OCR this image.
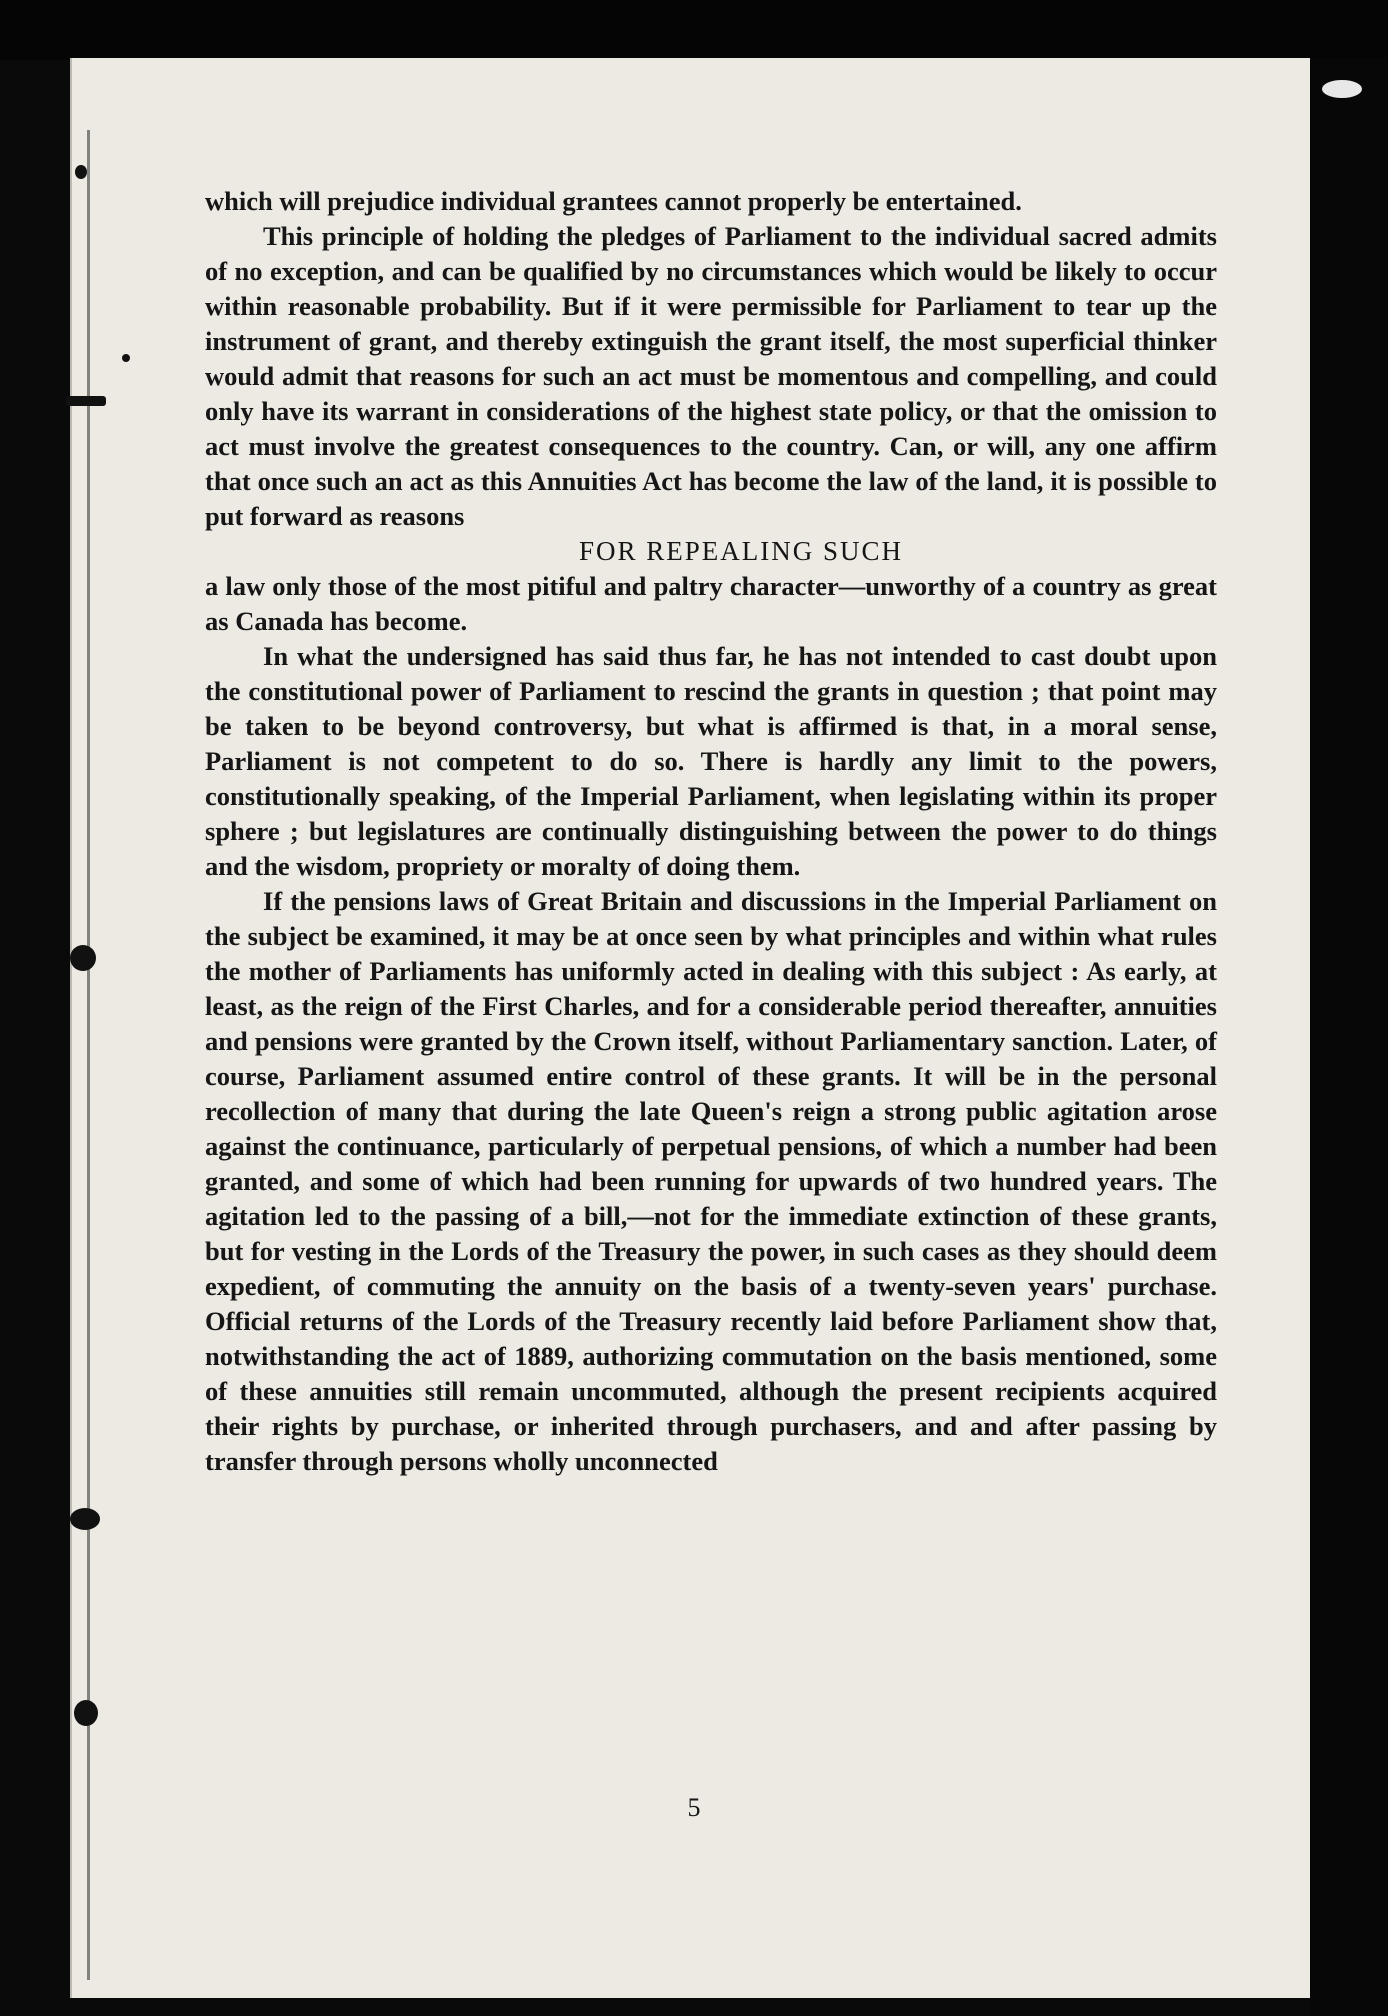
which will prejudice individual grantees cannot properly be entertained.

This principle of holding the pledges of Parliament to the individual sacred admits of no exception, and can be qualified by no circumstances which would be likely to occur within reasonable probability. But if it were permissible for Parliament to tear up the instrument of grant, and thereby extinguish the grant itself, the most superficial thinker would admit that reasons for such an act must be momentous and compelling, and could only have its warrant in considerations of the highest state policy, or that the omission to act must involve the greatest consequences to the country. Can, or will, any one affirm that once such an act as this Annuities Act has become the law of the land, it is possible to put forward as reasons

FOR REPEALING SUCH

a law only those of the most pitiful and paltry character—unworthy of a country as great as Canada has become.

In what the undersigned has said thus far, he has not intended to cast doubt upon the constitutional power of Parliament to rescind the grants in question ; that point may be taken to be beyond controversy, but what is affirmed is that, in a moral sense, Parliament is not competent to do so. There is hardly any limit to the powers, constitutionally speaking, of the Imperial Parliament, when legislating within its proper sphere ; but legislatures are continually distinguishing between the power to do things and the wisdom, propriety or moralty of doing them.

If the pensions laws of Great Britain and discussions in the Imperial Parliament on the subject be examined, it may be at once seen by what principles and within what rules the mother of Parliaments has uniformly acted in dealing with this subject : As early, at least, as the reign of the First Charles, and for a considerable period thereafter, annuities and pensions were granted by the Crown itself, without Parliamentary sanction. Later, of course, Parliament assumed entire control of these grants. It will be in the personal recollection of many that during the late Queen's reign a strong public agitation arose against the continuance, particularly of perpetual pensions, of which a number had been granted, and some of which had been running for upwards of two hundred years. The agitation led to the passing of a bill,—not for the immediate extinction of these grants, but for vesting in the Lords of the Treasury the power, in such cases as they should deem expedient, of commuting the annuity on the basis of a twenty-seven years' purchase. Official returns of the Lords of the Treasury recently laid before Parliament show that, notwithstanding the act of 1889, authorizing commutation on the basis mentioned, some of these annuities still remain uncommuted, although the present recipients acquired their rights by purchase, or inherited through purchasers, and and after passing by transfer through persons wholly unconnected

5
